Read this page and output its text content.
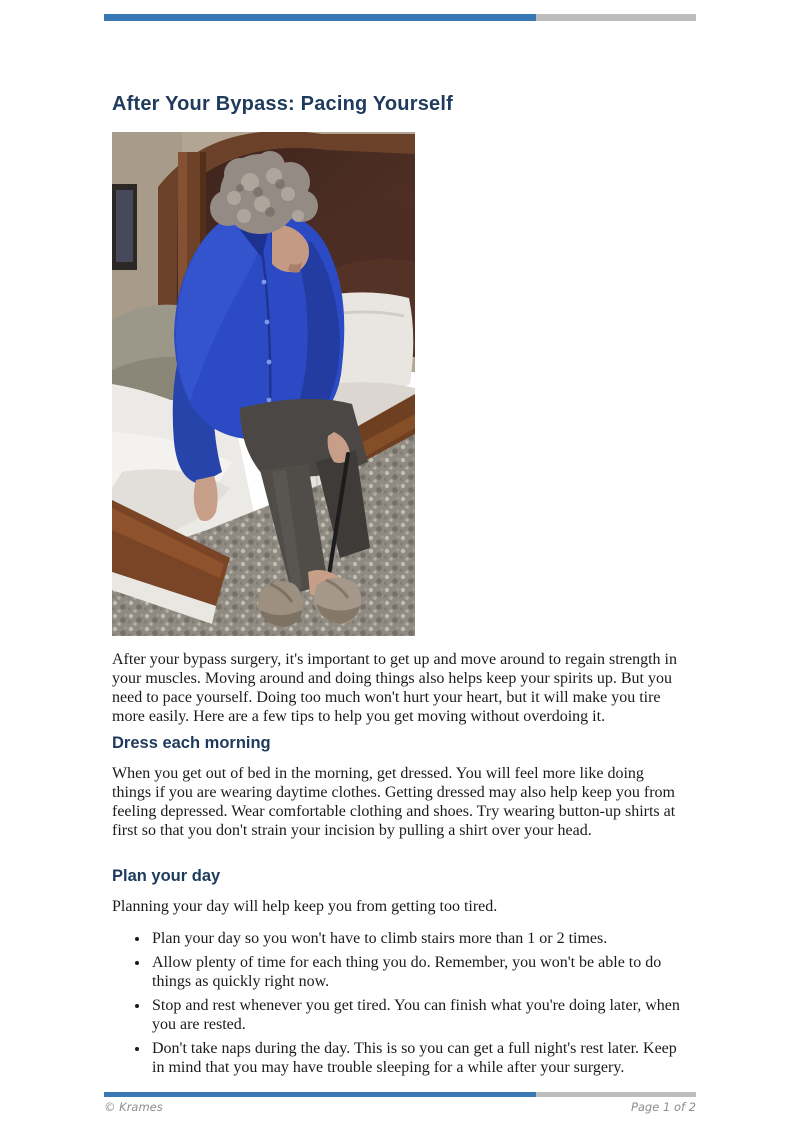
After Your Bypass: Pacing Yourself

After your bypass surgery, it's important to get up and move around to regain strength in your muscles. Moving around and doing things also helps keep your spirits up. But you need to pace yourself. Doing too much won't hurt your heart, but it will make you tire more easily. Here are a few tips to help you get moving without overdoing it.

Dress each morning

When you get out of bed in the morning, get dressed. You will feel more like doing things if you are wearing daytime clothes. Getting dressed may also help keep you from feeling depressed. Wear comfortable clothing and shoes. Try wearing button-up shirts at first so that you don't strain your incision by pulling a shirt over your head.

Plan your day

Planning your day will help keep you from getting too tired.

• Plan your day so you won't have to climb stairs more than 1 or 2 times.
• Allow plenty of time for each thing you do. Remember, you won't be able to do things as quickly right now.
• Stop and rest whenever you get tired. You can finish what you're doing later, when you are rested.
• Don't take naps during the day. This is so you can get a full night's rest later. Keep in mind that you may have trouble sleeping for a while after your surgery.
© Krames	Page 1 of 2
